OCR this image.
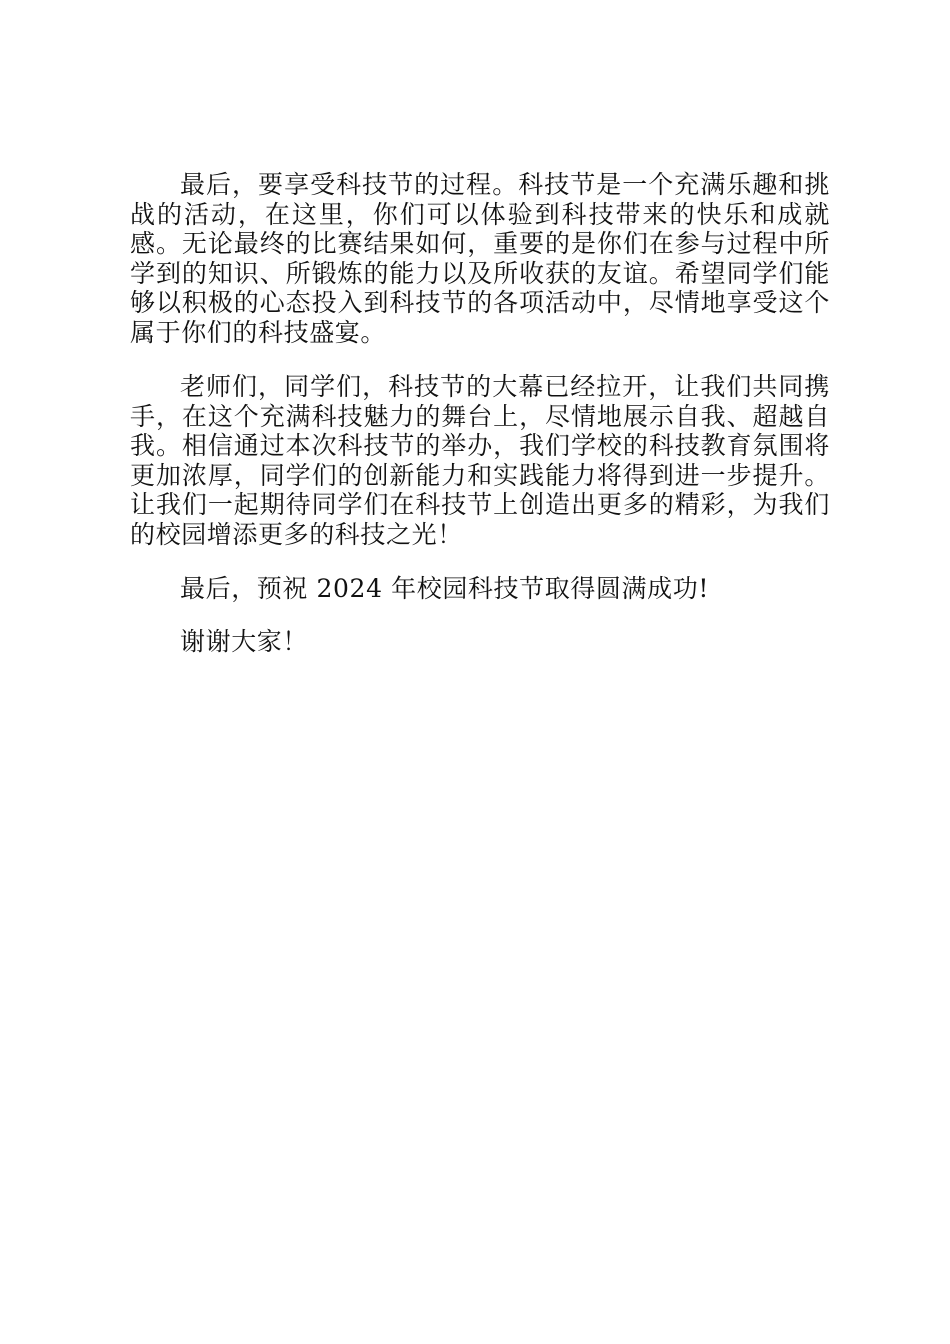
最后，要享受科技节的过程。科技节是一个充满乐趣和挑战的活动，在这里，你们可以体验到科技带来的快乐和成就感。无论最终的比赛结果如何，重要的是你们在参与过程中所学到的知识、所锻炼的能力以及所收获的友谊。希望同学们能够以积极的心态投入到科技节的各项活动中，尽情地享受这个属于你们的科技盛宴。

老师们，同学们，科技节的大幕已经拉开，让我们共同携手，在这个充满科技魅力的舞台上，尽情地展示自我、超越自我。相信通过本次科技节的举办，我们学校的科技教育氛围将更加浓厚，同学们的创新能力和实践能力将得到进一步提升。让我们一起期待同学们在科技节上创造出更多的精彩，为我们的校园增添更多的科技之光！

最后，预祝 2024 年校园科技节取得圆满成功!

谢谢大家！
